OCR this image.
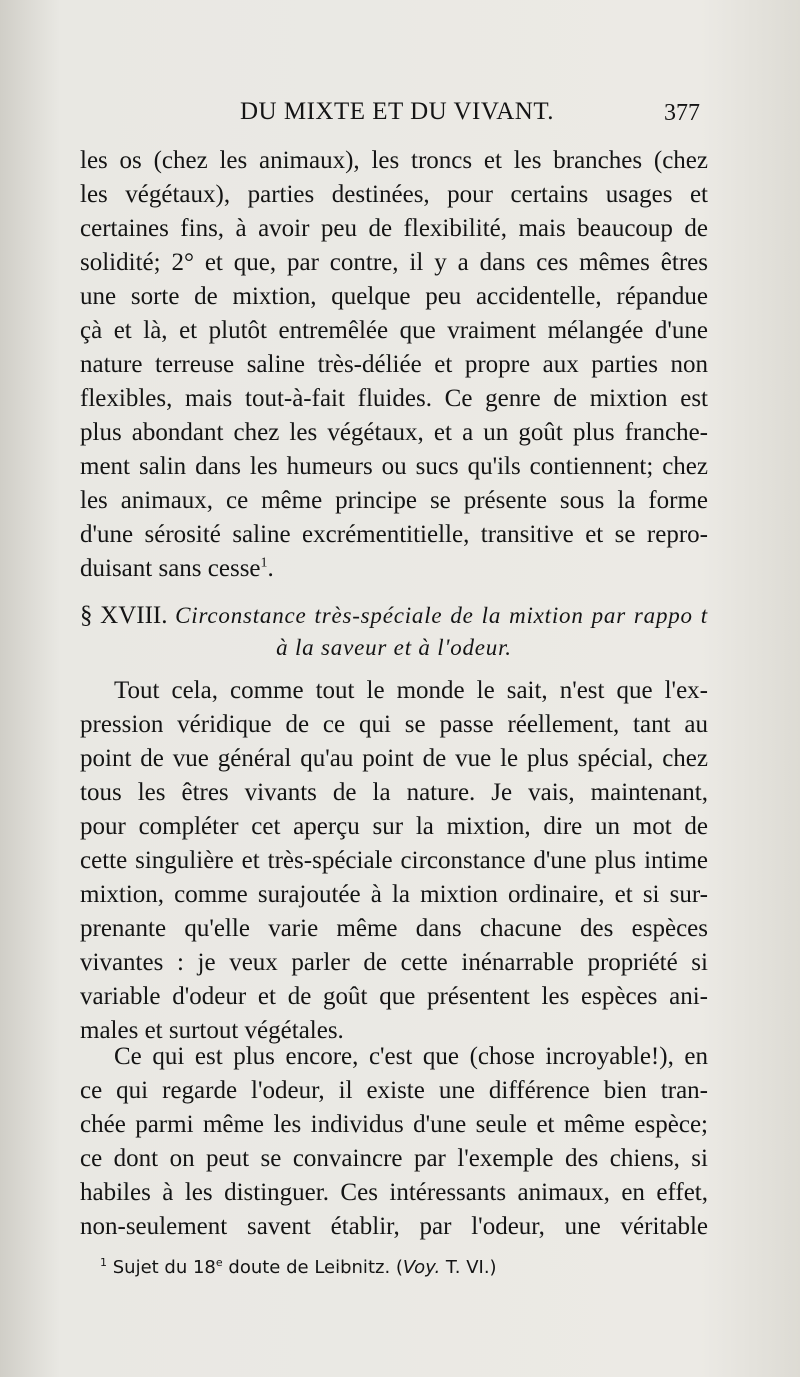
DU MIXTE ET DU VIVANT.	377
les os (chez les animaux), les troncs et les branches (chez
les végétaux), parties destinées, pour certains usages et
certaines fins, à avoir peu de flexibilité, mais beaucoup de
solidité; 2° et que, par contre, il y a dans ces mêmes êtres
une sorte de mixtion, quelque peu accidentelle, répandue
çà et là, et plutôt entremêlée que vraiment mélangée d'une
nature terreuse saline très-déliée et propre aux parties non
flexibles, mais tout-à-fait fluides. Ce genre de mixtion est
plus abondant chez les végétaux, et a un goût plus franche-
ment salin dans les humeurs ou sucs qu'ils contiennent; chez
les animaux, ce même principe se présente sous la forme
d'une sérosité saline excrémentitielle, transitive et se repro-
duisant sans cesse$^1$.
§ XVIII. Circonstance très-spéciale de la mixtion par rappo t
à la saveur et à l'odeur.
Tout cela, comme tout le monde le sait, n'est que l'ex-
pression véridique de ce qui se passe réellement, tant au
point de vue général qu'au point de vue le plus spécial, chez
tous les êtres vivants de la nature. Je vais, maintenant,
pour compléter cet aperçu sur la mixtion, dire un mot de
cette singulière et très-spéciale circonstance d'une plus intime
mixtion, comme surajoutée à la mixtion ordinaire, et si sur-
prenante qu'elle varie même dans chacune des espèces
vivantes : je veux parler de cette inénarrable propriété si
variable d'odeur et de goût que présentent les espèces ani-
males et surtout végétales.
Ce qui est plus encore, c'est que (chose incroyable!), en
ce qui regarde l'odeur, il existe une différence bien tran-
chée parmi même les individus d'une seule et même espèce;
ce dont on peut se convaincre par l'exemple des chiens, si
habiles à les distinguer. Ces intéressants animaux, en effet,
non-seulement savent établir, par l'odeur, une véritable
$^1$ Sujet du 18e doute de Leibnitz. (Voy. T. VI.)
